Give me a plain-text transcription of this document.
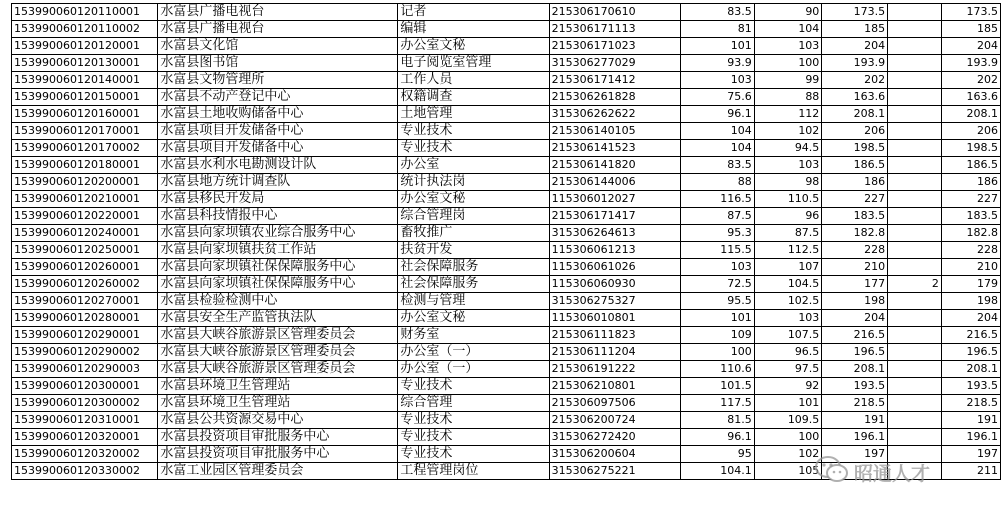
153990060120110001	水富县广播电视台	记者	215306170610	83.5	90	173.5		173.5
153990060120110002	水富县广播电视台	编辑	215306171113	81	104	185		185
153990060120120001	水富县文化馆	办公室文秘	215306171023	101	103	204		204
153990060120130001	水富县图书馆	电子阅览室管理	315306277029	93.9	100	193.9		193.9
153990060120140001	水富县文物管理所	工作人员	215306171412	103	99	202		202
153990060120150001	水富县不动产登记中心	权籍调查	215306261828	75.6	88	163.6		163.6
153990060120160001	水富县土地收购储备中心	土地管理	315306262622	96.1	112	208.1		208.1
153990060120170001	水富县项目开发储备中心	专业技术	215306140105	104	102	206		206
153990060120170002	水富县项目开发储备中心	专业技术	215306141523	104	94.5	198.5		198.5
153990060120180001	水富县水利水电勘测设计队	办公室	215306141820	83.5	103	186.5		186.5
153990060120200001	水富县地方统计调查队	统计执法岗	215306144006	88	98	186		186
153990060120210001	水富县移民开发局	办公室文秘	115306012027	116.5	110.5	227		227
153990060120220001	水富县科技情报中心	综合管理岗	215306171417	87.5	96	183.5		183.5
153990060120240001	水富县向家坝镇农业综合服务中心	畜牧推广	315306264613	95.3	87.5	182.8		182.8
153990060120250001	水富县向家坝镇扶贫工作站	扶贫开发	115306061213	115.5	112.5	228		228
153990060120260001	水富县向家坝镇社保保障服务中心	社会保障服务	115306061026	103	107	210		210
153990060120260002	水富县向家坝镇社保保障服务中心	社会保障服务	115306060930	72.5	104.5	177	2	179
153990060120270001	水富县检验检测中心	检测与管理	315306275327	95.5	102.5	198		198
153990060120280001	水富县安全生产监管执法队	办公室文秘	115306010801	101	103	204		204
153990060120290001	水富县大峡谷旅游景区管理委员会	财务室	215306111823	109	107.5	216.5		216.5
153990060120290002	水富县大峡谷旅游景区管理委员会	办公室（一）	215306111204	100	96.5	196.5		196.5
153990060120290003	水富县大峡谷旅游景区管理委员会	办公室（一）	215306191222	110.6	97.5	208.1		208.1
153990060120300001	水富县环境卫生管理站	专业技术	215306210801	101.5	92	193.5		193.5
153990060120300002	水富县环境卫生管理站	综合管理	215306097506	117.5	101	218.5		218.5
153990060120310001	水富县公共资源交易中心	专业技术	215306200724	81.5	109.5	191		191
153990060120320001	水富县投资项目审批服务中心	专业技术	315306272420	96.1	100	196.1		196.1
153990060120320002	水富县投资项目审批服务中心	专业技术	315306200604	95	102	197		197
153990060120330002	水富工业园区管理委员会	工程管理岗位	315306275221	104.1	105			211
昭通人才
